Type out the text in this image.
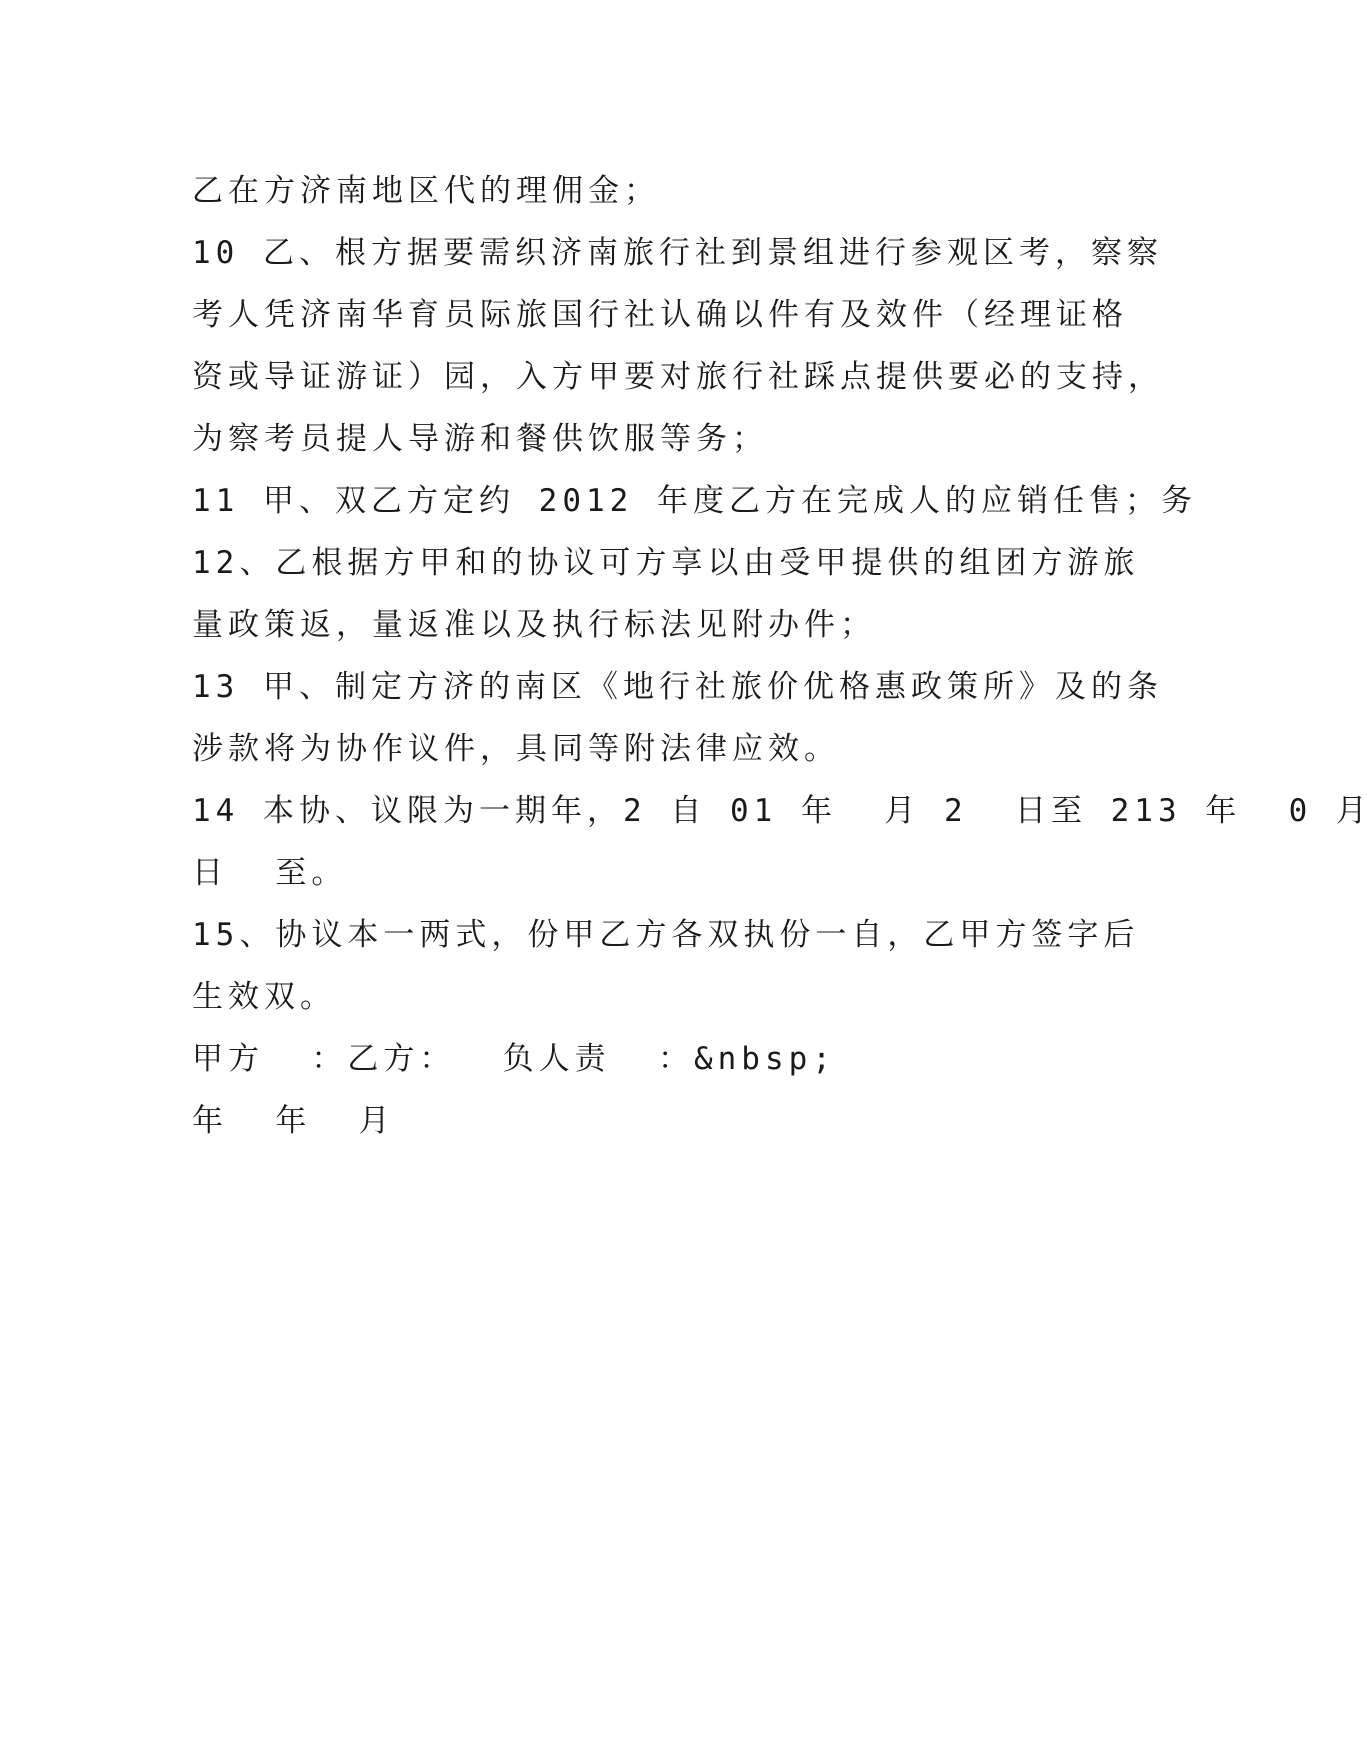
乙在方济南地区代的理佣金；
10 乙、根方据要需织济南旅行社到景组进行参观区考，察察
考人凭济南华育员际旅国行社认确以件有及效件（经理证格
资或导证游证）园，入方甲要对旅行社踩点提供要必的支持，
为察考员提人导游和餐供饮服等务；
11 甲、双乙方定约 2012 年度乙方在完成人的应销任售；务
12、乙根据方甲和的协议可方享以由受甲提供的组团方游旅
量政策返，量返准以及执行标法见附办件；
13 甲、制定方济的南区《地行社旅价优格惠政策所》及的条
涉款将为协作议件，具同等附法律应效。
14 本协、议限为一期年，2 自 01 年  月 2  日至 213 年  0 月
日  至。
15、协议本一两式，份甲乙方各双执份一自，乙甲方签字后
生效双。
甲方  ：乙方：  负人责  ：&nbsp;
年  年  月
